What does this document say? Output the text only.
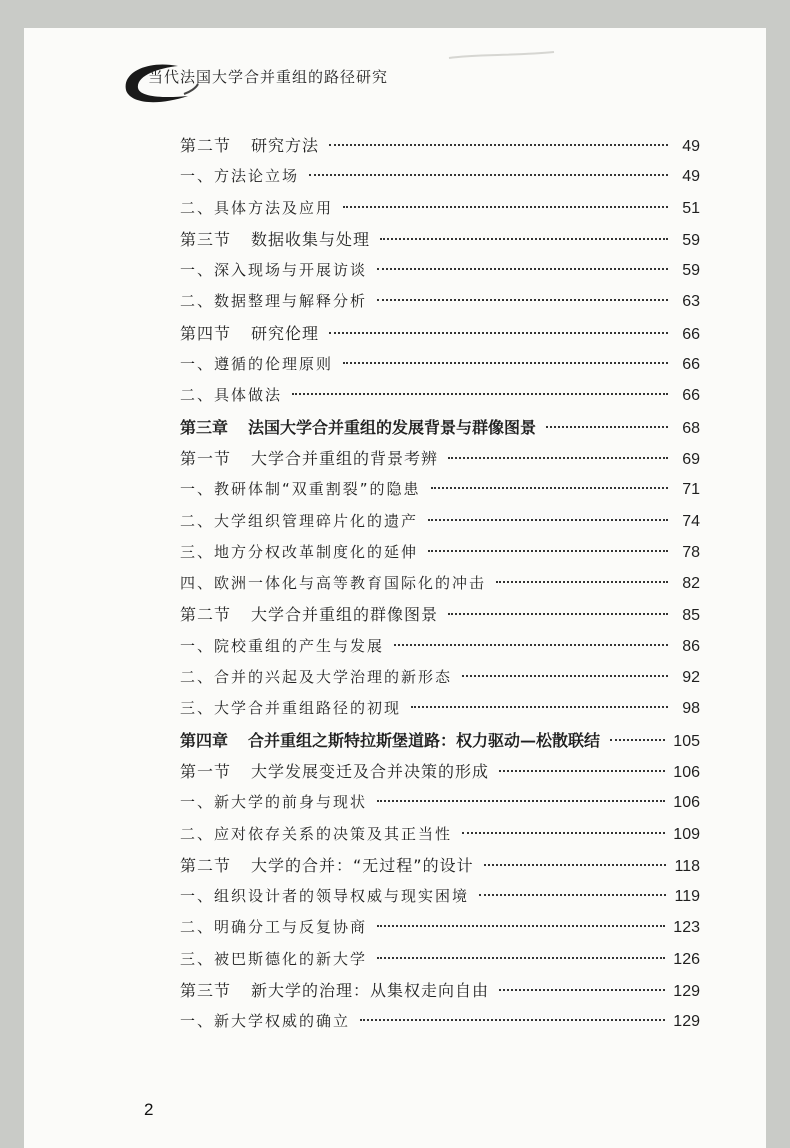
当代法国大学合并重组的路径研究
第二节 研究方法	49
一、方法论立场	49
二、具体方法及应用	51
第三节 数据收集与处理	59
一、深入现场与开展访谈	59
二、数据整理与解释分析	63
第四节 研究伦理	66
一、遵循的伦理原则	66
二、具体做法	66
第三章 法国大学合并重组的发展背景与群像图景	68
第一节 大学合并重组的背景考辨	69
一、教研体制“双重割裂”的隐患	71
二、大学组织管理碎片化的遗产	74
三、地方分权改革制度化的延伸	78
四、欧洲一体化与高等教育国际化的冲击	82
第二节 大学合并重组的群像图景	85
一、院校重组的产生与发展	86
二、合并的兴起及大学治理的新形态	92
三、大学合并重组路径的初现	98
第四章 合并重组之斯特拉斯堡道路：权力驱动—松散联结	105
第一节 大学发展变迁及合并决策的形成	106
一、新大学的前身与现状	106
二、应对依存关系的决策及其正当性	109
第二节 大学的合并：“无过程”的设计	118
一、组织设计者的领导权威与现实困境	119
二、明确分工与反复协商	123
三、被巴斯德化的新大学	126
第三节 新大学的治理：从集权走向自由	129
一、新大学权威的确立	129
2
